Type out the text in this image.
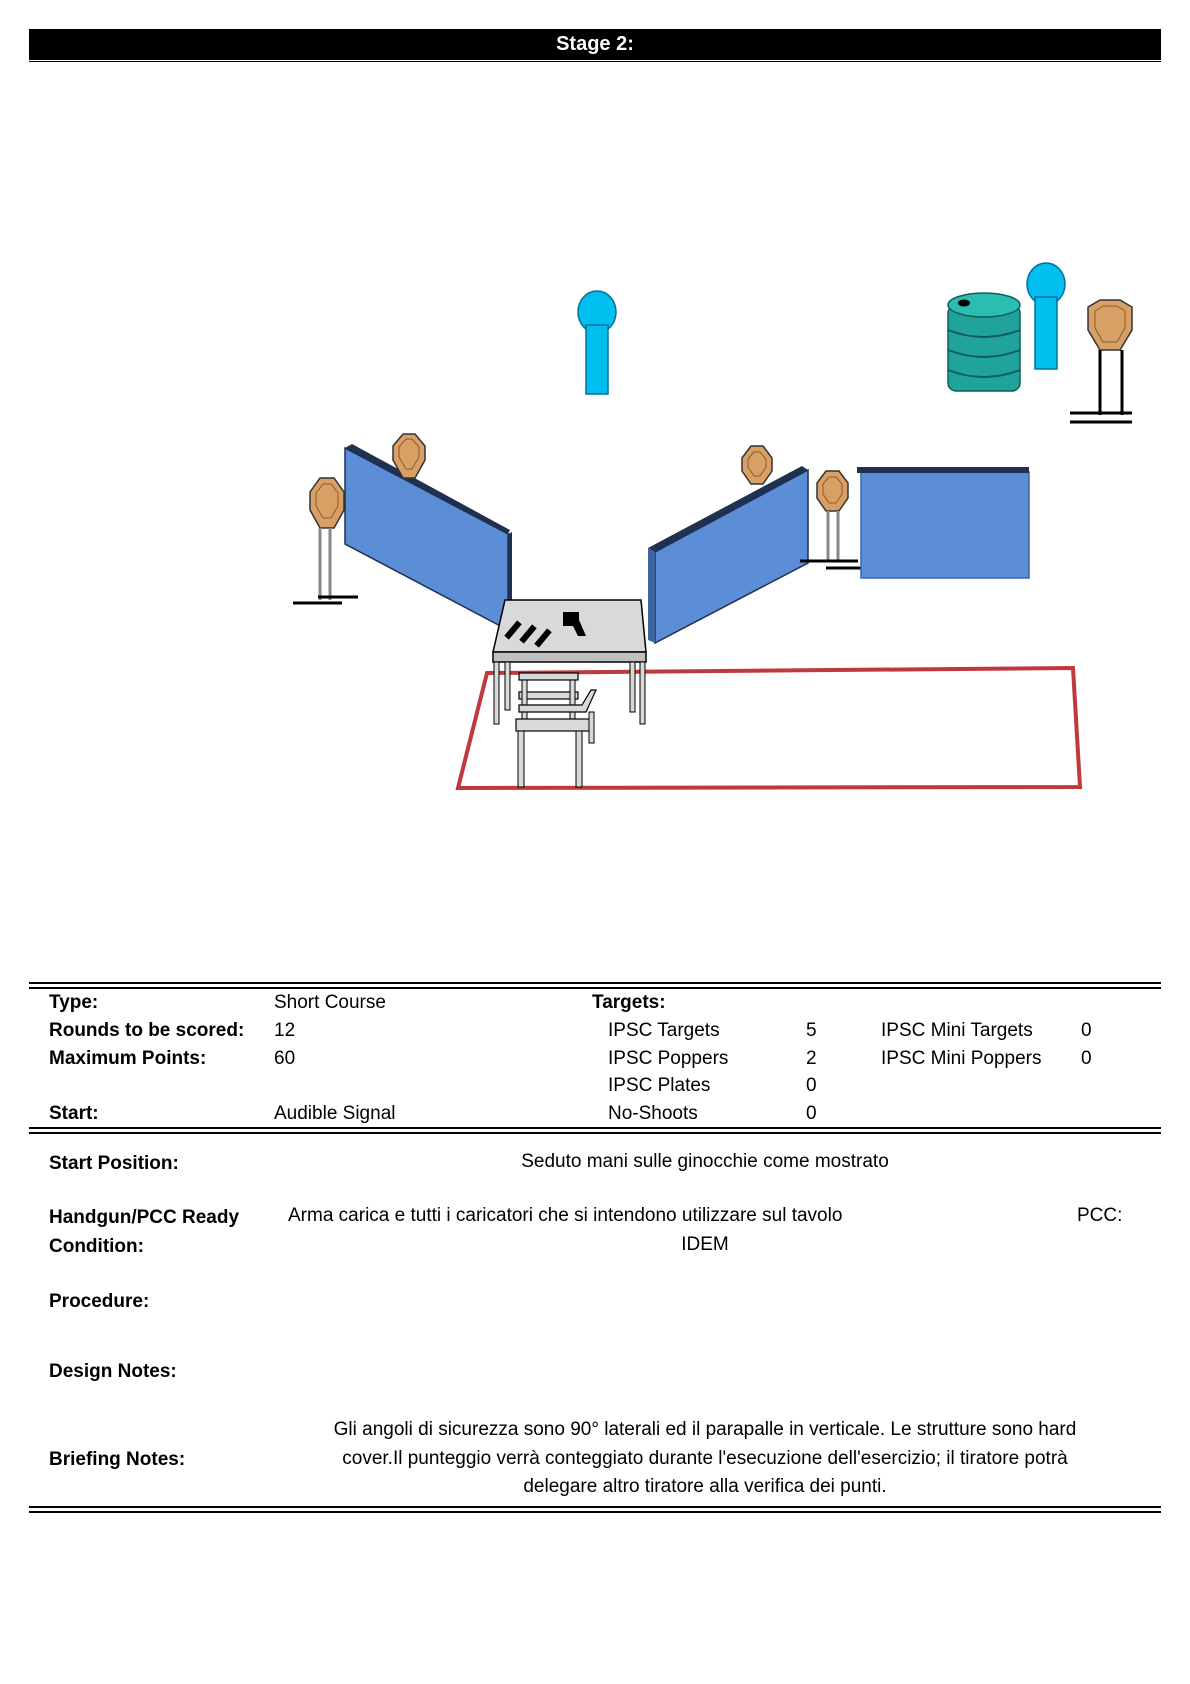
Stage 2:
Type:	Short Course	Targets:
Rounds to be scored: 12	IPSC Targets	5	IPSC Mini Targets	0
Maximum Points:	60	IPSC Poppers	2	IPSC Mini Poppers 0
IPSC Plates	0
Start:	Audible Signal	No-Shoots	0
Start Position:	Seduto mani sulle ginocchie come mostrato
Handgun/PCC Ready
Condition:
Arma carica e tutti i caricatori che si intendono utilizzare sul tavolo	PCC:
IDEM
Procedure:
Design Notes:
Briefing Notes:
Gli angoli di sicurezza sono 90° laterali ed il parapalle in verticale. Le strutture sono hard
cover.Il punteggio verrà conteggiato durante l'esecuzione dell'esercizio; il tiratore potrà
delegare altro tiratore alla verifica dei punti.
